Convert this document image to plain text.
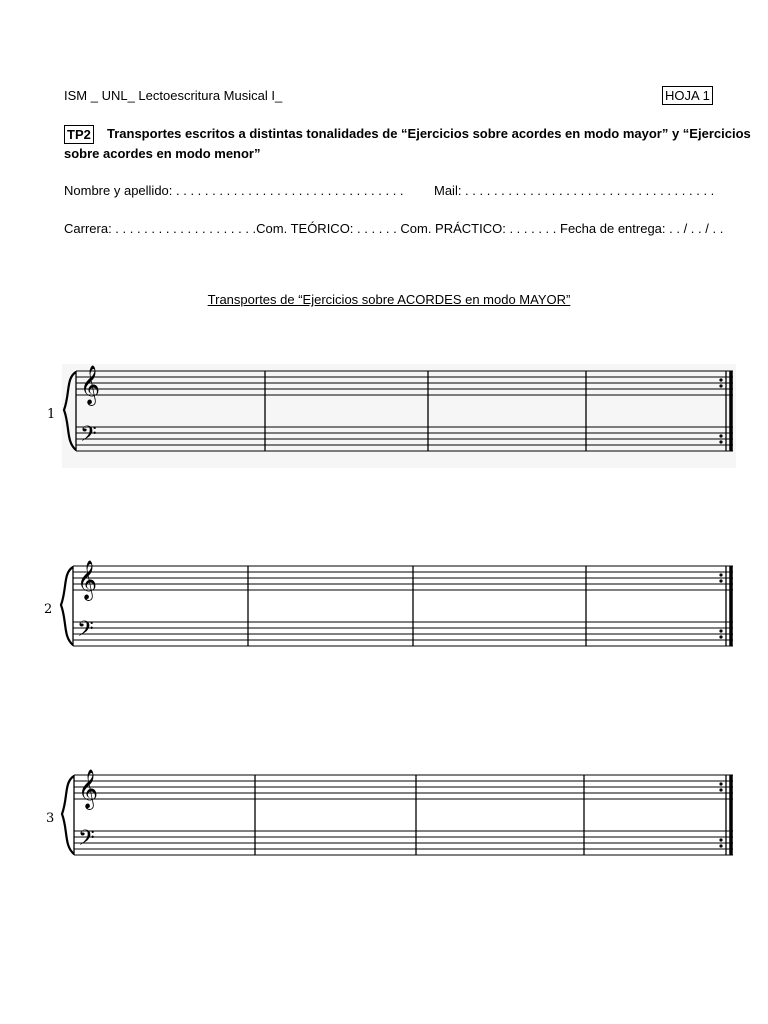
ISM _ UNL_ Lectoescritura Musical I_	HOJA 1
TP2 Transportes escritos a distintas tonalidades de “Ejercicios sobre acordes en modo mayor” y “Ejercicios
sobre acordes en modo menor”
Nombre y apellido: . . . . . . . . . . . . . . . . . . . . . . . . . . . . . . . . Mail: . . . . . . . . . . . . . . . . . . . . . . . . . . . . . . . . . . .
Carrera: . . . . . . . . . . . . . . . . . . . .Com. TEÓRICO: . . . . . . Com. PRÁCTICO: . . . . . . . Fecha de entrega: . . / . . / . .
Transportes de “Ejercicios sobre ACORDES en modo MAYOR”
𝄞
𝄢
1
𝄞
𝄢
2
𝄞
𝄢
3
